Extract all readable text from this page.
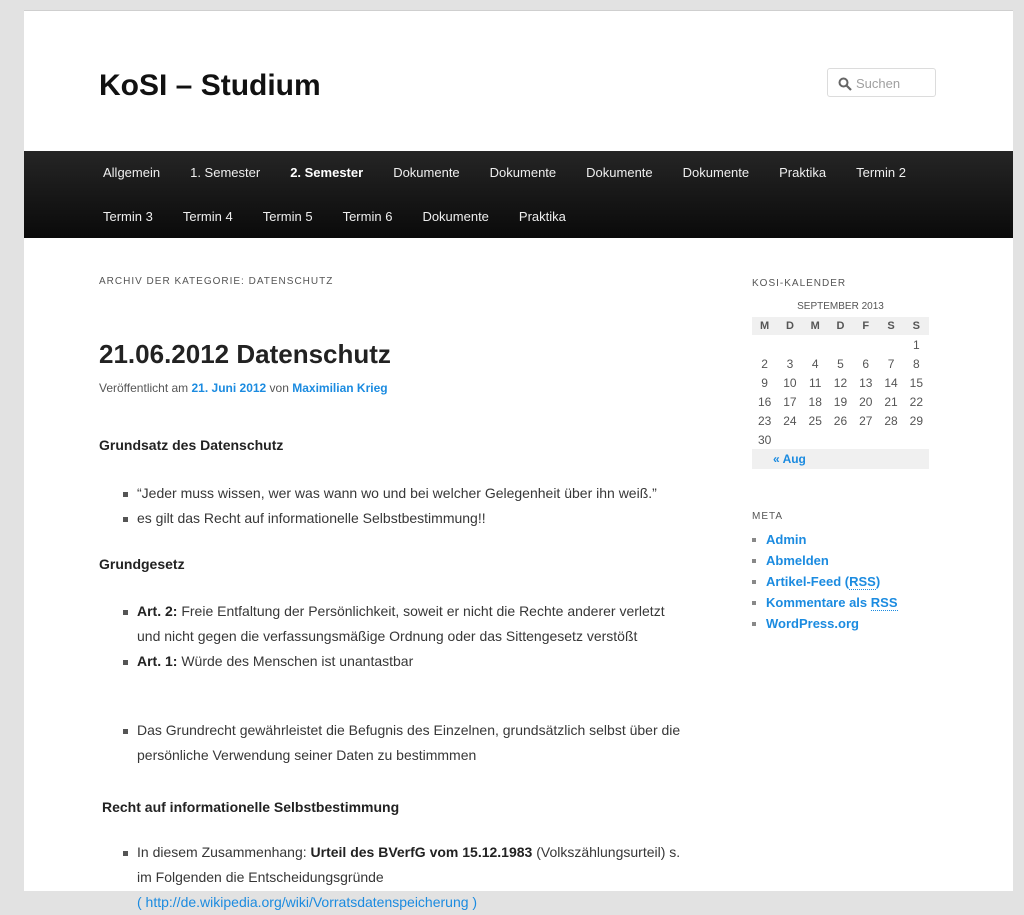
KoSI – Studium
Suchen
Allgemein 1. Semester 2. Semester Dokumente Dokumente Dokumente Dokumente Praktika Termin 2
Termin 3 Termin 4 Termin 5 Termin 6 Dokumente Praktika
ARCHIV DER KATEGORIE: DATENSCHUTZ
21.06.2012 Datenschutz
Veröffentlicht am 21. Juni 2012 von Maximilian Krieg
Grundsatz des Datenschutz
“Jeder muss wissen, wer was wann wo und bei welcher Gelegenheit über ihn weiß.”
es gilt das Recht auf informationelle Selbstbestimmung!!
Grundgesetz
Art. 2: Freie Entfaltung der Persönlichkeit, soweit er nicht die Rechte anderer verletzt und nicht gegen die verfassungsmäßige Ordnung oder das Sittengesetz verstößt
Art. 1: Würde des Menschen ist unantastbar
Das Grundrecht gewährleistet die Befugnis des Einzelnen, grundsätzlich selbst über die persönliche Verwendung seiner Daten zu bestimmmen
Recht auf informationelle Selbstbestimmung
In diesem Zusammenhang: Urteil des BVerfG vom 15.12.1983 (Volkszählungsurteil) s. im Folgenden die Entscheidungsgründe
( http://de.wikipedia.org/wiki/Vorratsdatenspeicherung )
KOSI-KALENDER
SEPTEMBER 2013
M	D	M	D	F	S	S
						1
2	3	4	5	6	7	8
9	10	11	12	13	14	15
16	17	18	19	20	21	22
23	24	25	26	27	28	29
30						
« Aug						
META
Admin
Abmelden
Artikel-Feed (RSS)
Kommentare als RSS
WordPress.org
